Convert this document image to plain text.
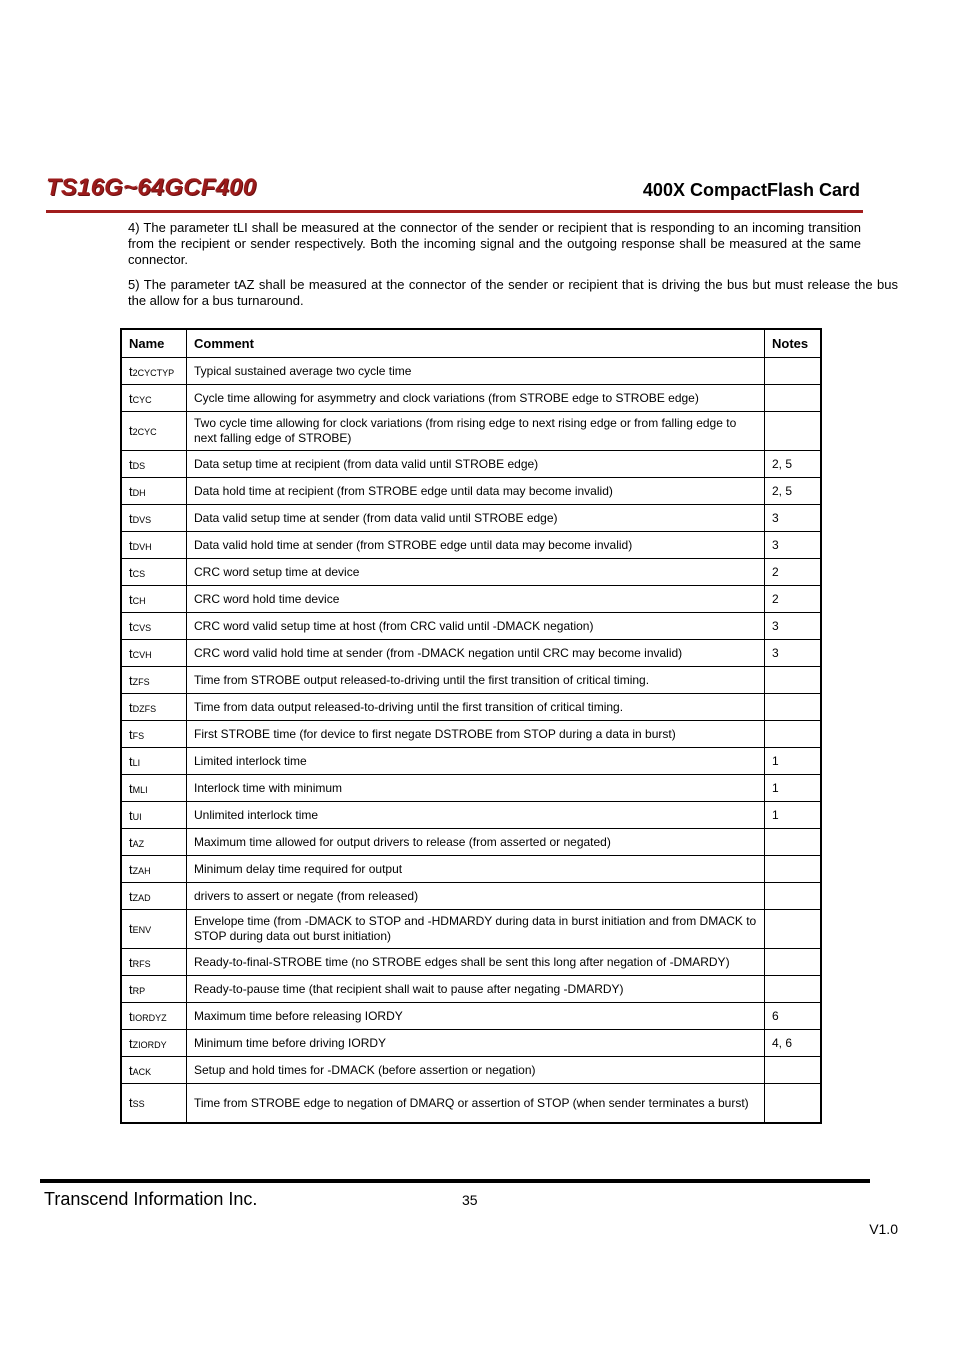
TS16G~64GCF400	400X CompactFlash Card
4) The parameter tLI shall be measured at the connector of the sender or recipient that is responding to an incoming transition from the recipient or sender respectively. Both the incoming signal and the outgoing response shall be measured at the same connector.
5) The parameter tAZ shall be measured at the connector of the sender or recipient that is driving the bus but must release the bus the allow for a bus turnaround.
Name	Comment	Notes
t2CYCTYP	Typical sustained average two cycle time	
tCYC	Cycle time allowing for asymmetry and clock variations (from STROBE edge to STROBE edge)	
t2CYC	Two cycle time allowing for clock variations (from rising edge to next rising edge or from falling edge to next falling edge of STROBE)	
tDS	Data setup time at recipient (from data valid until STROBE edge)	2, 5
tDH	Data hold time at recipient (from STROBE edge until data may become invalid)	2, 5
tDVS	Data valid setup time at sender (from data valid until STROBE edge)	3
tDVH	Data valid hold time at sender (from STROBE edge until data may become invalid)	3
tCS	CRC word setup time at device	2
tCH	CRC word hold time device	2
tCVS	CRC word valid setup time at host (from CRC valid until -DMACK negation)	3
tCVH	CRC word valid hold time at sender (from -DMACK negation until CRC may become invalid)	3
tZFS	Time from STROBE output released-to-driving until the first transition of critical timing.	
tDZFS	Time from data output released-to-driving until the first transition of critical timing.	
tFS	First STROBE time (for device to first negate DSTROBE from STOP during a data in burst)	
tLI	Limited interlock time	1
tMLI	Interlock time with minimum	1
tUI	Unlimited interlock time	1
tAZ	Maximum time allowed for output drivers to release (from asserted or negated)	
tZAH	Minimum delay time required for output	
tZAD	drivers to assert or negate (from released)	
tENV	Envelope time (from -DMACK to STOP and -HDMARDY during data in burst initiation and from DMACK to STOP during data out burst initiation)	
tRFS	Ready-to-final-STROBE time (no STROBE edges shall be sent this long after negation of -DMARDY)	
tRP	Ready-to-pause time (that recipient shall wait to pause after negating -DMARDY)	
tIORDYZ	Maximum time before releasing IORDY	6
tZIORDY	Minimum time before driving IORDY	4, 6
tACK	Setup and hold times for -DMACK (before assertion or negation)	
tSS	Time from STROBE edge to negation of DMARQ or assertion of STOP (when sender terminates a burst)	
Transcend Information Inc.	35
V1.0
